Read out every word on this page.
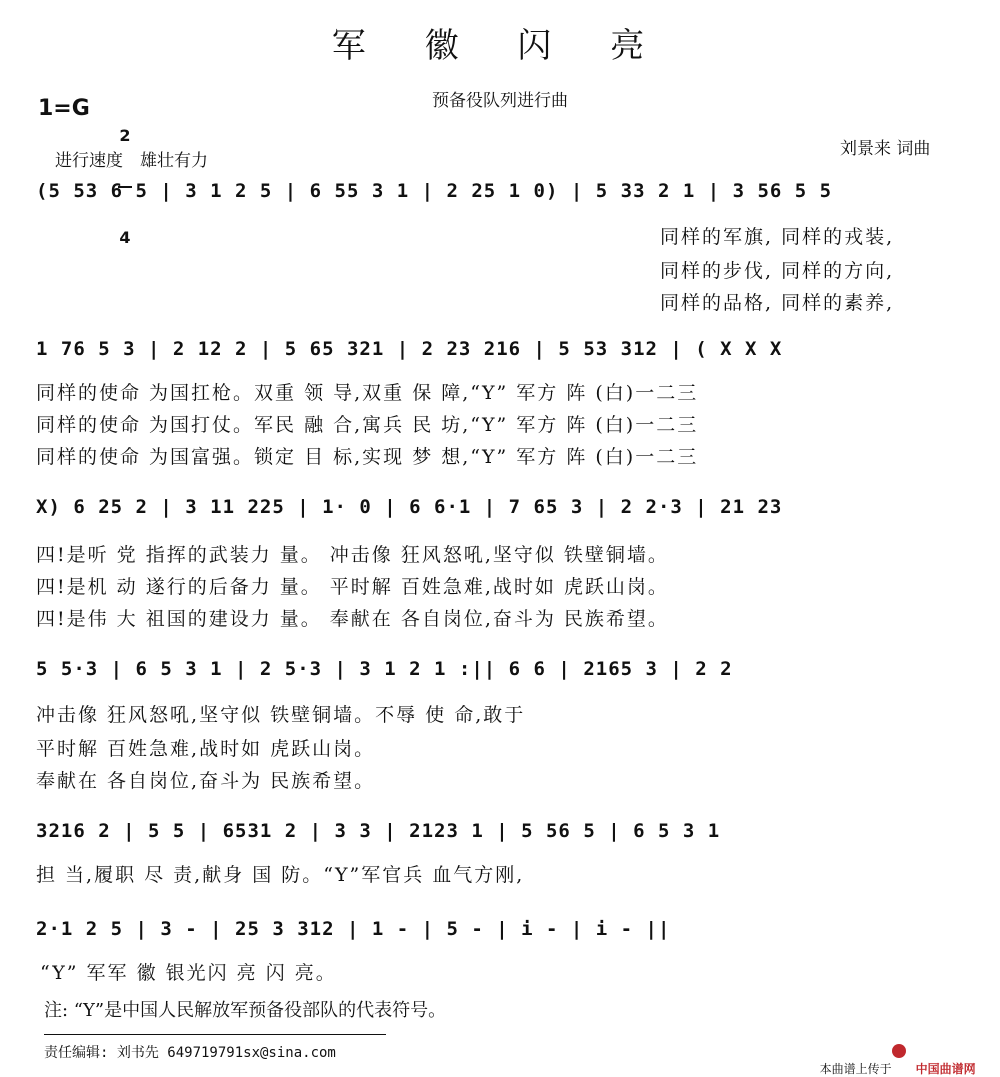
军 徽 闪 亮
预备役队列进行曲
1=G

2

4

进行速度　雄壮有力
刘景来 词曲
(5 53 6 5 | 3 1 2 5 | 6 55 3 1 | 2 25 1 0) | 5 33 2 1 | 3 56 5 5
同样的军旗, 同样的戎装,
同样的步伐, 同样的方向,
同样的品格, 同样的素养,
1 76 5 3 | 2 12 2 | 5 65 321 | 2 23 216 | 5 53 312 | ( X X X
同样的使命 为国扛枪。双重 领 导,双重 保 障,“Y” 军方 阵 (白)一二三
同样的使命 为国打仗。军民 融 合,寓兵 民 坊,“Y” 军方 阵 (白)一二三
同样的使命 为国富强。锁定 目 标,实现 梦 想,“Y” 军方 阵 (白)一二三
X) 6 25 2 | 3 11 225 | 1· 0 | 6 6·1 | 7 65 3 | 2 2·3 | 21 23
四!是听 党 指挥的武装力 量。 冲击像 狂风怒吼,坚守似 铁壁铜墙。
四!是机 动 遂行的后备力 量。 平时解 百姓急难,战时如 虎跃山岗。
四!是伟 大 祖国的建设力 量。 奉献在 各自岗位,奋斗为 民族希望。
5 5·3 | 6 5 3 1 | 2 5·3 | 3 1 2 1 :|| 6 6 | 2165 3 | 2 2
冲击像 狂风怒吼,坚守似 铁壁铜墙。不辱 使 命,敢于
平时解 百姓急难,战时如 虎跃山岗。
奉献在 各自岗位,奋斗为 民族希望。
3216 2 | 5 5 | 6531 2 | 3 3 | 2123 1 | 5 56 5 | 6 5 3 1
担 当,履职 尽 责,献身 国 防。“Y”军官兵 血气方刚,
2·1 2 5 | 3 - | 25 3 312 | 1 - | 5 - | i - | i - ||
“Y” 军军 徽 银光闪 亮 闪 亮。
注: “Y”是中国人民解放军预备役部队的代表符号。
责任编辑: 刘书先 649719791sx@sina.com

本曲谱上传于	中国曲谱网
